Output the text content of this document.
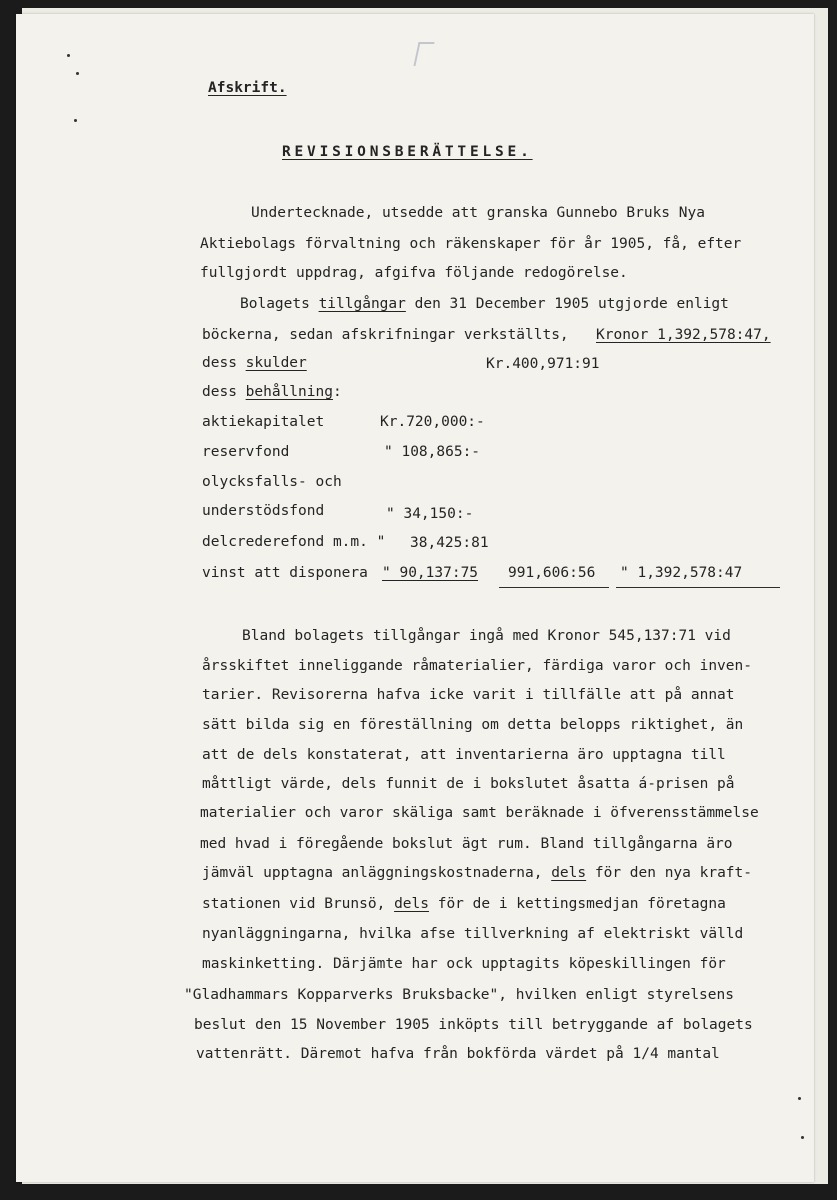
Afskrift.
REVISIONSBERÄTTELSE.
Undertecknade, utsedde att granska Gunnebo Bruks Nya
Aktiebolags förvaltning och räkenskaper för år 1905, få, efter
fullgjordt uppdrag, afgifva följande redogörelse.
Bolagets tillgångar den 31 December 1905 utgjorde enligt
böckerna, sedan afskrifningar verkställts, Kronor 1,392,578:47,
dess skulder	Kr.400,971:91
dess behållning:
aktiekapitalet	Kr.720,000:-
reservfond	" 108,865:-
olycksfalls- och
understödsfond	" 34,150:-
delcrederefond m.m. " 38,425:81
vinst att disponera " 90,137:75 991,606:56 " 1,392,578:47
Bland bolagets tillgångar ingå med Kronor 545,137:71 vid
årsskiftet inneliggande råmaterialier, färdiga varor och inven-
tarier. Revisorerna hafva icke varit i tillfälle att på annat
sätt bilda sig en föreställning om detta belopps riktighet, än
att de dels konstaterat, att inventarierna äro upptagna till
måttligt värde, dels funnit de i bokslutet åsatta á-prisen på
materialier och varor skäliga samt beräknade i öfverensstämmelse
med hvad i föregående bokslut ägt rum. Bland tillgångarna äro
jämväl upptagna anläggningskostnaderna, dels för den nya kraft-
stationen vid Brunsö, dels för de i kettingsmedjan företagna
nyanläggningarna, hvilka afse tillverkning af elektriskt välld
maskinketting. Därjämte har ock upptagits köpeskillingen för
"Gladhammars Kopparverks Bruksbacke", hvilken enligt styrelsens
beslut den 15 November 1905 inköpts till betryggande af bolagets
vattenrätt. Däremot hafva från bokförda värdet på 1/4 mantal
